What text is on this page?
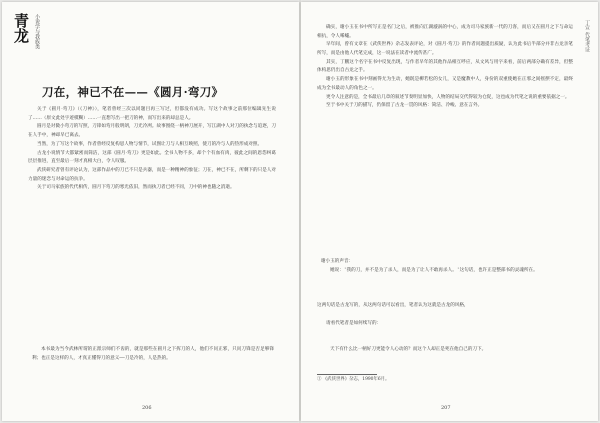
青龙	小说学与我族类
刀在，神已不在——《圆月·弯刀》

关于《圆月·弯刀》（《刀神》），笔者曾经三次以同题目再三写过，但都没有成功。写这个故事之前那位编辑先生说了……（原文此处字迹模糊）……一直想写出一把刀的神，而写出来的却总是人。

圆月是对微小弯刀的写照，刀锋如弯月般明朗，刀光冷冽。故事围绕一柄神刀展开，写江湖中人对刀的执念与追逐，刀在人手中，神却早已离去。

当然，为了写这个故事，作者曾经反复构思人物与情节，试图让刀与人相互映照，使刀的冷与人的热形成对照。

古龙小说情节大都紧密而简洁，这部《圆月·弯刀》更是如此。全书人物不多，却个个有血有肉，彼此之间的恩怨纠葛层层推进，直至最后一刻才真相大白，令人叹服。

武侠研究者曾有评论认为，这部作品中的刀已不只是兵器，而是一种精神的象征；刀在，神已不在，所剩下的只是人对力量的迷恋与对命运的抗争。

关于司马家族的代代相传，圆月下弯刀的寒光依旧，然而执刀者已经不同，刀中的神也随之消逝。

本书最为当今武林所谓的正派宗师们不齿的，就是那些在圆月之下挥刀的人，他们不问正邪，只问刀锋是否足够锋利；也正是这样的人，才真正懂得刀的意义——刀是冷的，人是热的。

206
丁宣
代笔考证

确实，谢小玉在书中所写正是名门之后，被推向江湖漩涡的中心，成为司马家族新一代的刀客，而后又在圆月之下与命运相抗，令人唏嘘。

早年间，曾有文章在《武侠世界》杂志发表评论，对《圆月·弯刀》的作者问题提出质疑，认为此书后半部分并非古龙亲笔所写，而是由他人代笔完成，这一说法在读者中流传甚广。

其实，丁鹏这个名字在书中反复出现，与作者早年的其他作品相互呼应，从文风与用字来看，前后两部分确有差异，但整体构思仍出自古龙之手。

谢小玉的形象在书中刻画得尤为生动，她既是柳若松的女儿，又是魔教中人，身份的双重使她在正邪之间摇摆不定，最终成为全书最动人的角色之一。

更令人注意的是，全书最后几章的叙述节奏明显加快，人物的结局交代得较为仓促，这也成为代笔之说的重要依据之一。

至于书中关于刀的描写，仍保留了古龙一贯的风格：简洁、冷峻、意在言外。

谢小玉的声音：

她说：'我的刀，并不是为了杀人，而是为了让人不敢再杀人。'这句话，也许正是整部书的灵魂所在。

这两句话是古龙写的，从这两句话可以看出，笔者认为这就是古龙的风格，
请看代笔者是如何续写的：

天下有什么比一柄好刀更能令人心动的？而这个人却正是死在他自己的刀下。

① 《武侠世界》杂志，1990年6月。
207
